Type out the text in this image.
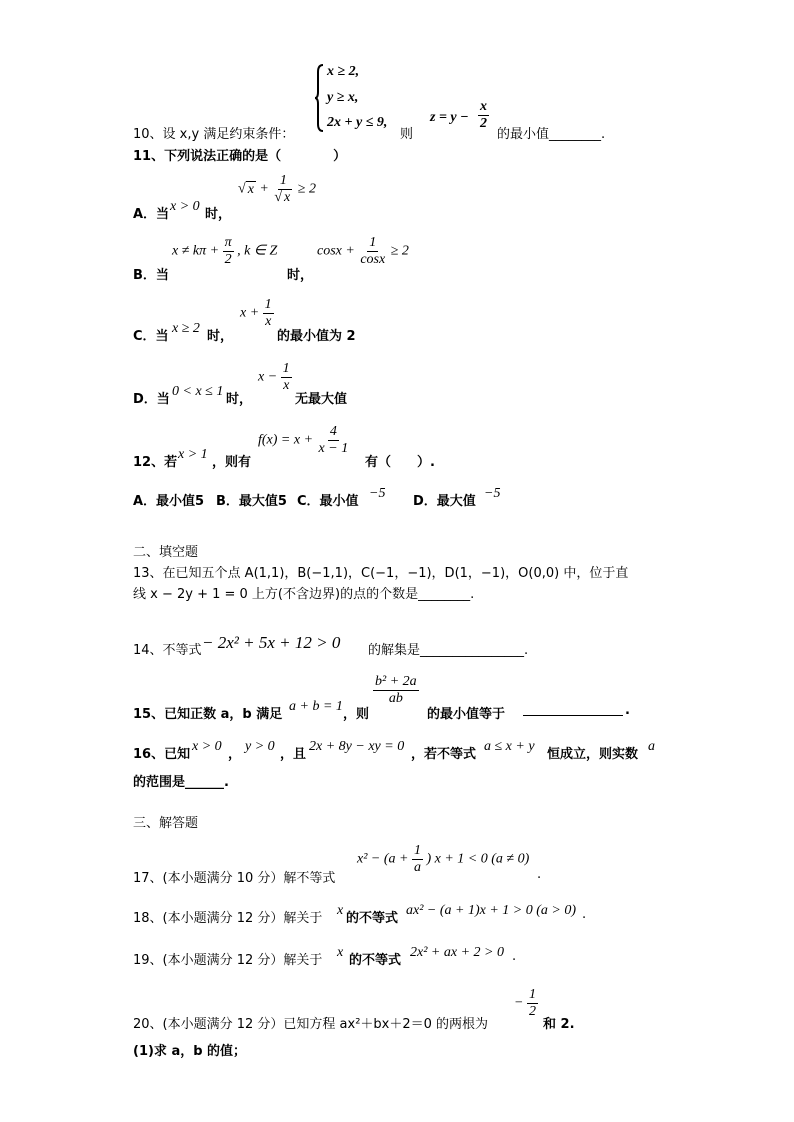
10、设 x,y 满足约束条件：
x ≥ 2,
y ≥ x,
2x + y ≤ 9,
则
$z = y - \frac{x}{2}$
的最小值________.
11、下列说法正确的是（　　　　）
A．当
x > 0
时，
√ $x + \frac{1}{√ x} \ge 2$
B．当
$x \ne k\pi + \frac{\pi}{2}$ , k ∈ Z
时，
$\cos x + \frac{1}{\cos x} \ge 2$
C．当
x ≥ 2
时，
$x + \frac{1}{x}$
的最小值为 2
D．当
0 < x ≤ 1
时，
$x - \frac{1}{x}$
无最大值
12、若
x > 1
，则有
$f(x) = x + \frac{4}{x - 1}$
有（　　）.
A．最小值5 B．最大值5 C．最小值
−5
D．最大值
−5
二、填空题
13、在已知五个点 A(1,1)，B(−1,1)，C(−1，−1)，D(1，−1)，O(0,0) 中，位于直
线 x − 2y + 1 = 0 上方(不含边界)的点的个数是________.
14、不等式 − 2x² + 5x + 12 > 0 的解集是________________.
15、已知正数 a，b 满足
a + b = 1
，则
$\frac{\text{b² + 2a}}{ab}$
的最小值等于	.
16、已知
x > 0
，
y > 0
，且
2x + 8y − xy = 0
，若不等式
a ≤ x + y
恒成立，则实数
a
的范围是______.
三、解答题
17、(本小题满分 10 分）解不等式
$x^2 - (a + \frac{1}{a}$ ) x + 1 < 0 (a ≠ 0)
.
18、(本小题满分 12 分）解关于
x
的不等式
ax² − (a + 1)x + 1 > 0 (a > 0) .
19、(本小题满分 12 分）解关于
x
的不等式
2x² + ax + 2 > 0 .
20、(本小题满分 12 分）已知方程 ax²＋bx＋2＝0 的两根为
− $\frac{1}{2}$
和 2.
(1)求 a，b 的值；
